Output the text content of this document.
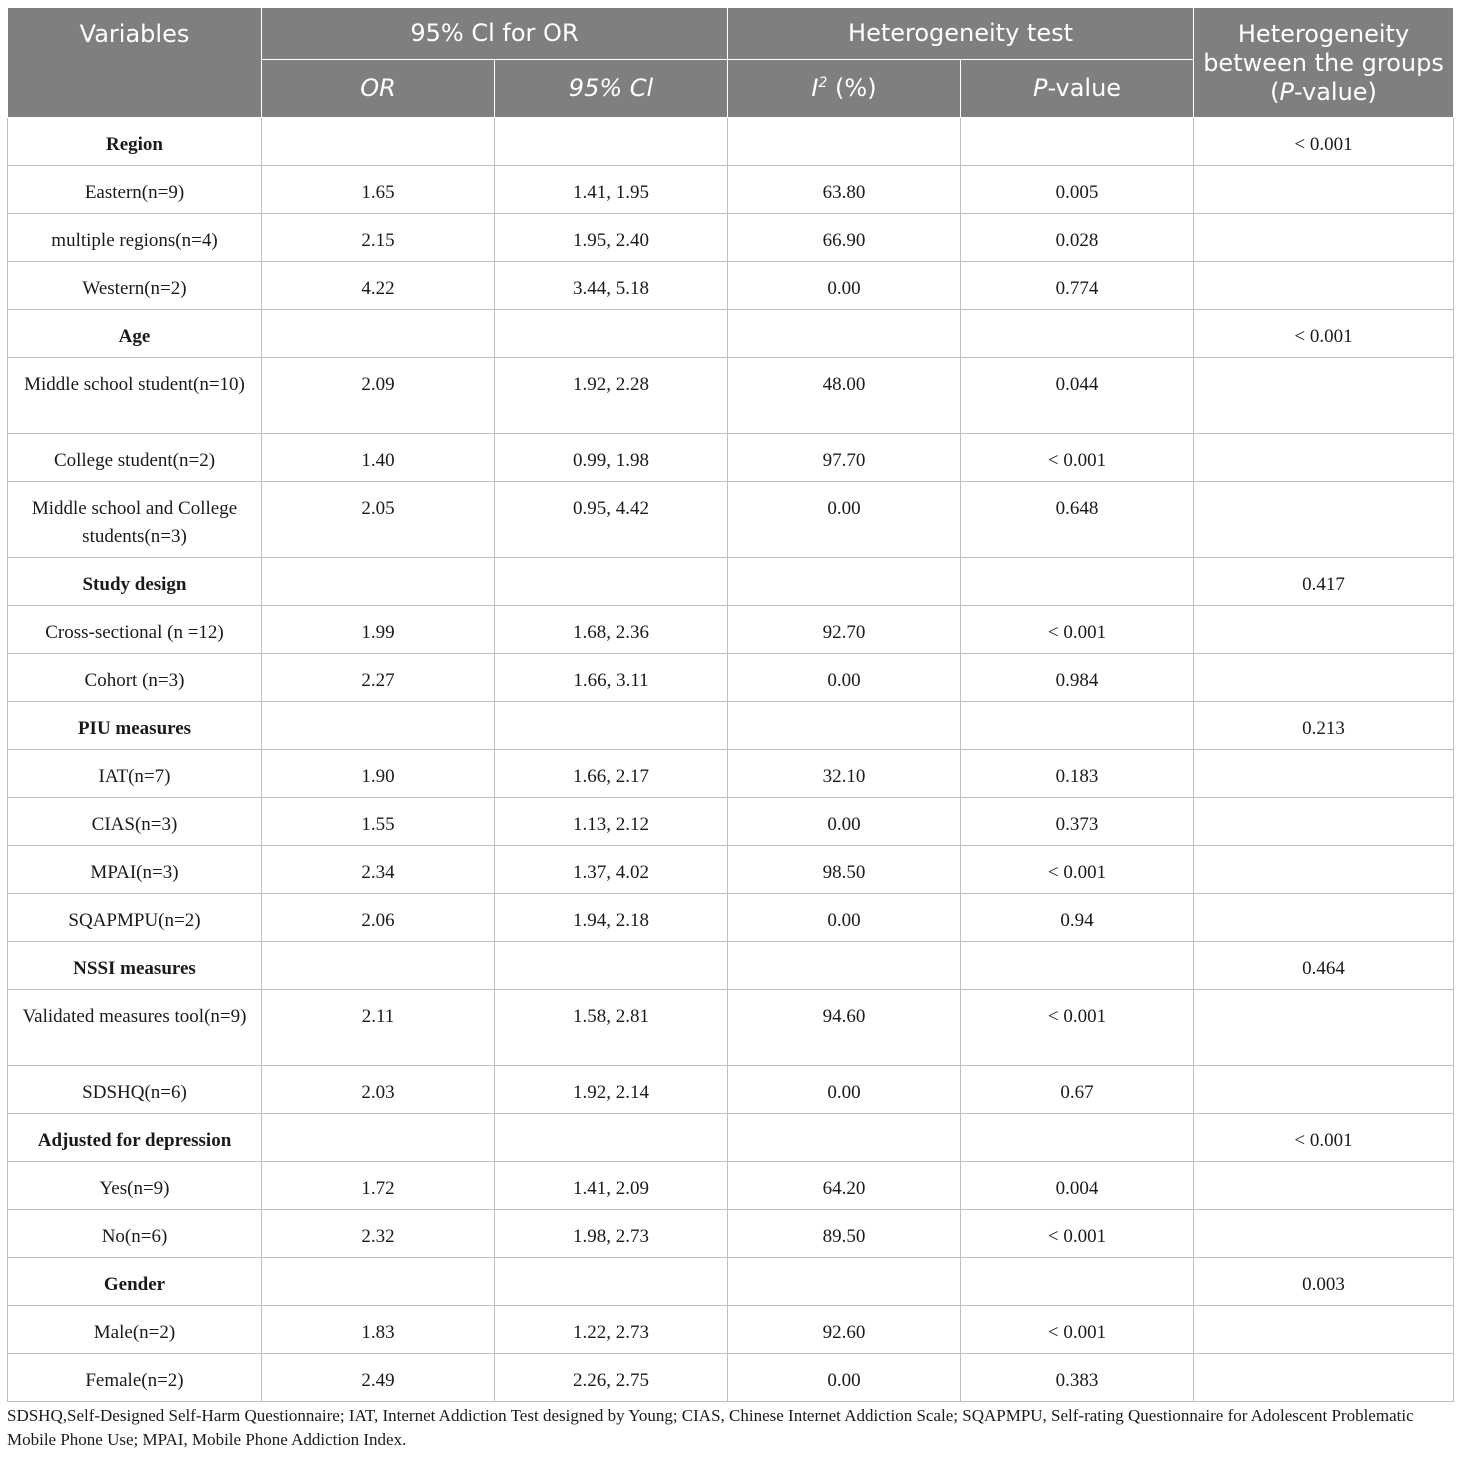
Variables	95% Cl for OR		Heterogeneity test		Heterogeneity between the groups (P-value)
	OR	95% Cl	$I^2$ (%)	P-value	
Region					< 0.001
Eastern(n=9)	1.65	1.41, 1.95	63.80	0.005	
multiple regions(n=4)	2.15	1.95, 2.40	66.90	0.028	
Western(n=2)	4.22	3.44, 5.18	0.00	0.774	
Age					< 0.001
Middle school student(n=10)	2.09	1.92, 2.28	48.00	0.044	
College student(n=2)	1.40	0.99, 1.98	97.70	< 0.001	
Middle school and College students(n=3)	2.05	0.95, 4.42	0.00	0.648	
Study design					0.417
Cross-sectional (n =12)	1.99	1.68, 2.36	92.70	< 0.001	
Cohort (n=3)	2.27	1.66, 3.11	0.00	0.984	
PIU measures					0.213
IAT(n=7)	1.90	1.66, 2.17	32.10	0.183	
CIAS(n=3)	1.55	1.13, 2.12	0.00	0.373	
MPAI(n=3)	2.34	1.37, 4.02	98.50	< 0.001	
SQAPMPU(n=2)	2.06	1.94, 2.18	0.00	0.94	
NSSI measures					0.464
Validated measures tool(n=9)	2.11	1.58, 2.81	94.60	< 0.001	
SDSHQ(n=6)	2.03	1.92, 2.14	0.00	0.67	
Adjusted for depression					< 0.001
Yes(n=9)	1.72	1.41, 2.09	64.20	0.004	
No(n=6)	2.32	1.98, 2.73	89.50	< 0.001	
Gender					0.003
Male(n=2)	1.83	1.22, 2.73	92.60	< 0.001	
Female(n=2)	2.49	2.26, 2.75	0.00	0.383	
SDSHQ,Self-Designed Self-Harm Questionnaire; IAT, Internet Addiction Test designed by Young; CIAS, Chinese Internet Addiction Scale; SQAPMPU, Self-rating Questionnaire for Adolescent Problematic Mobile Phone Use; MPAI, Mobile Phone Addiction Index.
